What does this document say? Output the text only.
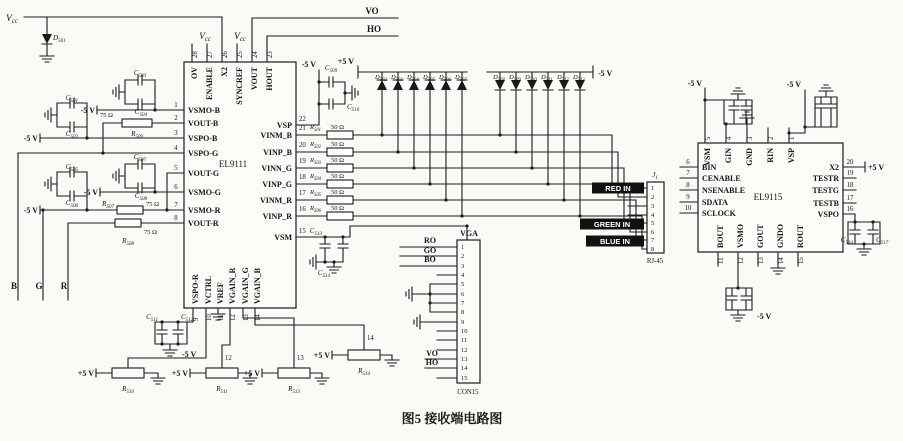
Vcc
Vcc Vcc
VO
HO
-5 V
-5 V
-5 V
-5 V
-5 V
-5 V
-5 V
-5 V	-5 V
-5 V
+5 V
+5 V	+5 V	+5 V
+5 V
+5 V
B G R
12	13
14
EL9111
28 27 26 25 24 23
OV ENABLE X2 SYNCREF VOUT HOUT
1
2
3
4
5
6
7
8
VSMO-B
VOUT-B
VSPO-B
VSPO-G
VOUT-G
VSMO-G
VSMO-R
VOUT-R
VSP
VINM_B
VINP_B
VINN_G
VINP_G
VINM_R
VINP_R
VSM
22
21
20
19
18
17
16
15
9 10 11 12 13 14
VSPO-R VCTRL VREF VGAIN_R VGAIN_G VGAIN_B
$R_{501}$
$R_{502}$
$R_{503}$
$R_{504}$
$R_{505}$
$R_{506}$
50 Ω
50 Ω
50 Ω
50 Ω
50 Ω
50 Ω
75 Ω
$R_{509}$
75 Ω
$R_{507}$
75 Ω
$R_{508}$
$R_{510}$	$R_{511}$	$R_{513}$
$R_{514}$
$C_{503}$
$C_{504}$
$C_{501}$
$C_{502}$
$C_{507}$
$C_{508}$
$C_{505}$
$C_{506}$
$C_{509}$
$C_{510}$
$C_{511}$	$C_{512}$
$C_{513}$
$C_{514}$
$C_{516}$	$C_{517}$
$D_{501}$
$D_{502}$ $D_{503}$ $D_{504}$ $D_{505}$ $D_{506}$ $D_{507}$	$D_{508}$ $D_{509}$ $D_{510}$ $D_{511}$ $D_{512}$ $D_{513}$
VGA
CON15
1
2
3
4
5
6
7
8
9
10
11
12
13
14
15
RO
GO
BO
VO
HO
$J_1$
RJ-45
1
2
3
4
5
6
7
8
RED IN
GREEN IN
BLUE IN
EL9115
5 4 3 2 1
VSM GIN GND RIN VSP
6
7
8
9
10
BIN
CENABLE
NSENABLE
SDATA
SCLOCK
20
19
18
17
16
X2
TESTR
TESTG
TESTB
VSPO
11 12 13 14 15
BOUT VSMO GOUT GNDO ROUT
图5 接收端电路图
